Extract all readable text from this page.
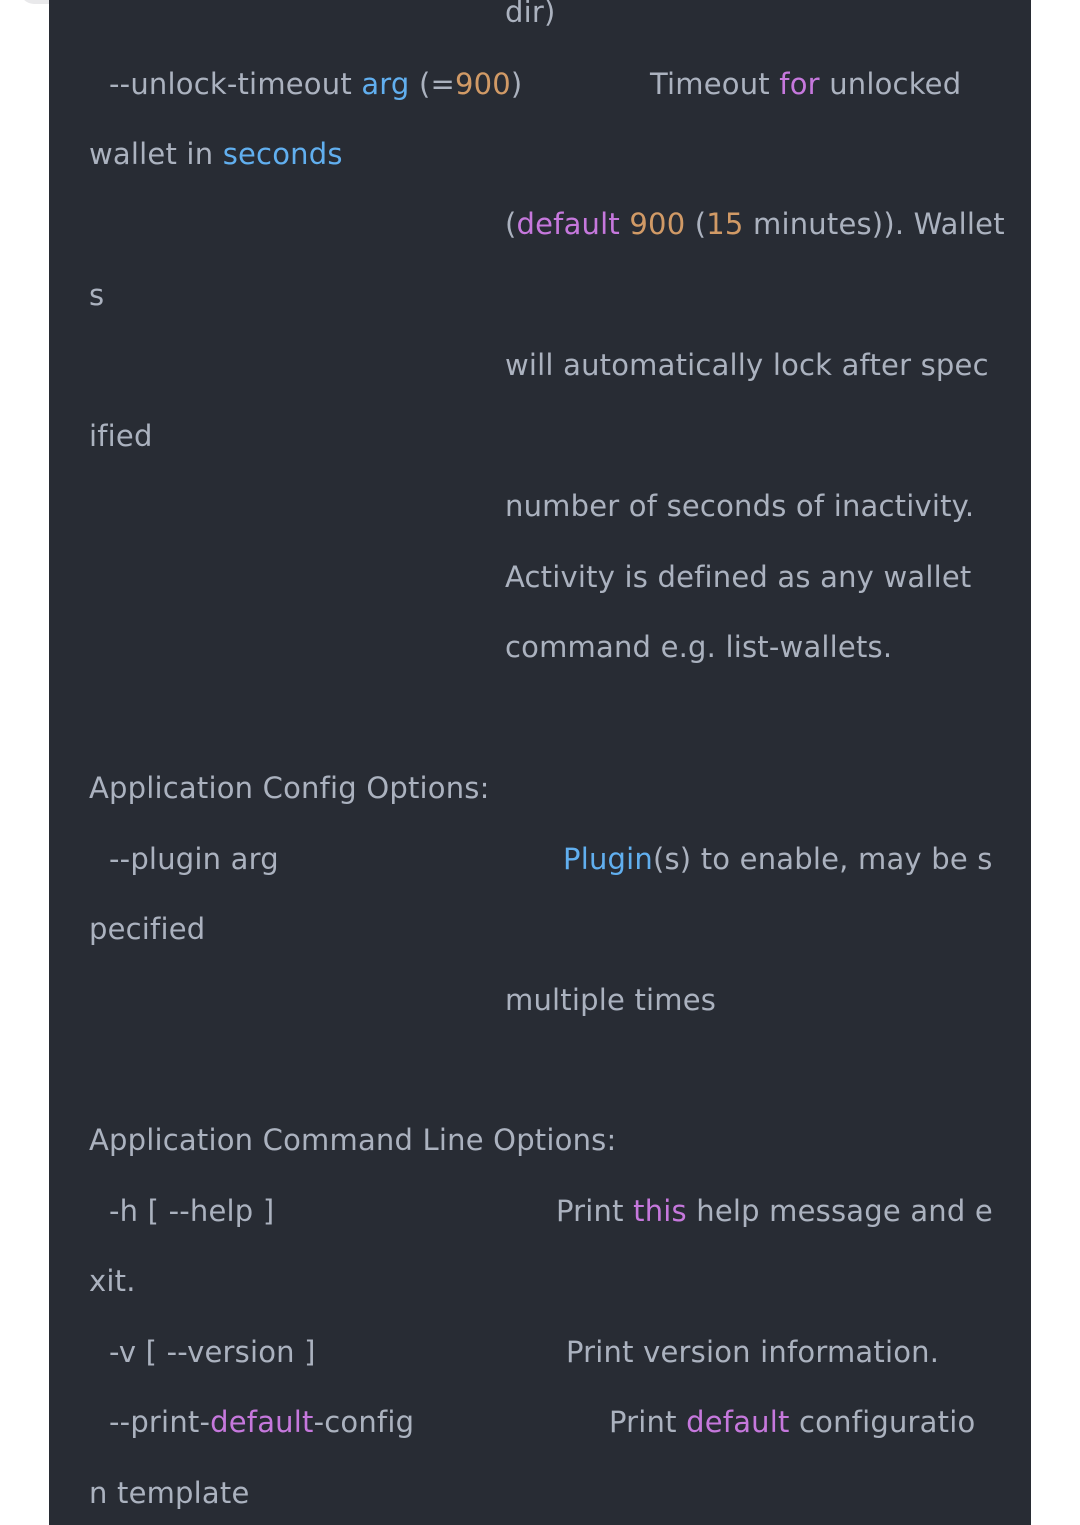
dir)
--unlock-timeout arg (=900)	Timeout for unlocked
wallet in seconds
(default 900 (15 minutes)). Wallet
s
will automatically lock after spec
ified
number of seconds of inactivity.
Activity is defined as any wallet
command e.g. list-wallets.
Application Config Options:
--plugin arg	Plugin(s) to enable, may be s
pecified
multiple times
Application Command Line Options:
-h [ --help ]	Print this help message and e
xit.
-v [ --version ]	Print version information.
--print-default-config	Print default configuratio
n template
